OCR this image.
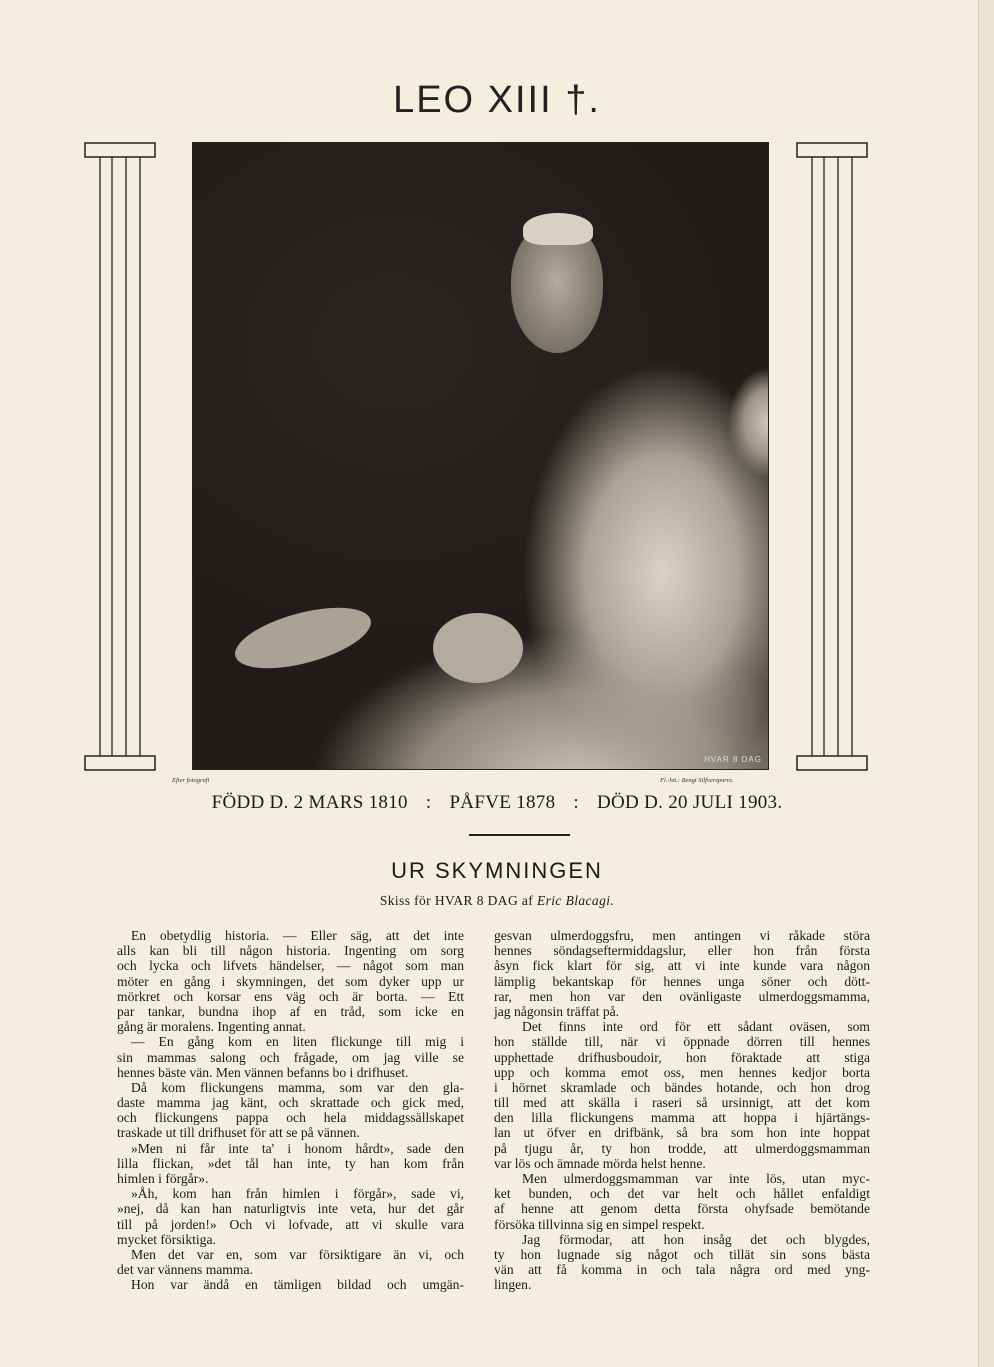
LEO XIII †.
HVAR 8 DAG
Efter fotografi	Fl.-hö.: Bengt Silfversparre.
FÖDD D. 2 MARS 1810 : PÅFVE 1878 : DÖD D. 20 JULI 1903.
UR SKYMNINGEN
Skiss för HVAR 8 DAG af Eric Blacagi.
En obetydlig historia. — Eller säg, att det inte
alls kan bli till någon historia. Ingenting om sorg
och lycka och lifvets händelser, — något som man
möter en gång i skymningen, det som dyker upp ur
mörkret och korsar ens väg och är borta. — Ett
par tankar, bundna ihop af en tråd, som icke en
gång är moralens. Ingenting annat.
— En gång kom en liten flickunge till mig i
sin mammas salong och frågade, om jag ville se
hennes bäste vän. Men vännen befanns bo i drifhuset.
Då kom flickungens mamma, som var den gla-
daste mamma jag känt, och skrattade och gick med,
och flickungens pappa och hela middagssällskapet
traskade ut till drifhuset för att se på vännen.
»Men ni får inte ta' i honom hårdt», sade den
lilla flickan, »det tål han inte, ty han kom från
himlen i förgår».
»Åh, kom han från himlen i förgår», sade vi,
»nej, då kan han naturligtvis inte veta, hur det går
till på jorden!» Och vi lofvade, att vi skulle vara
mycket försiktiga.
Men det var en, som var försiktigare än vi, och
det var vännens mamma.
Hon var ändå en tämligen bildad och umgän-
gesvan ulmerdoggsfru, men antingen vi råkade störa
hennes söndagseftermiddagslur, eller hon från första
åsyn fick klart för sig, att vi inte kunde vara någon
lämplig bekantskap för hennes unga söner och dött-
rar, men hon var den ovänligaste ulmerdoggsmamma,
jag någonsin träffat på.
Det finns inte ord för ett sådant oväsen, som
hon ställde till, när vi öppnade dörren till hennes
upphettade drifhusboudoir, hon föraktade att stiga
upp och komma emot oss, men hennes kedjor borta
i hörnet skramlade och bändes hotande, och hon drog
till med att skälla i raseri så ursinnigt, att det kom
den lilla flickungens mamma att hoppa i hjärtängs-
lan ut öfver en drifbänk, så bra som hon inte hoppat
på tjugu år, ty hon trodde, att ulmerdoggsmamman
var lös och ämnade mörda helst henne.
Men ulmerdoggsmamman var inte lös, utan myc-
ket bunden, och det var helt och hållet enfaldigt
af henne att genom detta första ohyfsade bemötande
försöka tillvinna sig en simpel respekt.
Jag förmodar, att hon insåg det och blygdes,
ty hon lugnade sig något och tillät sin sons bästa
vän att få komma in och tala några ord med yng-
lingen.
